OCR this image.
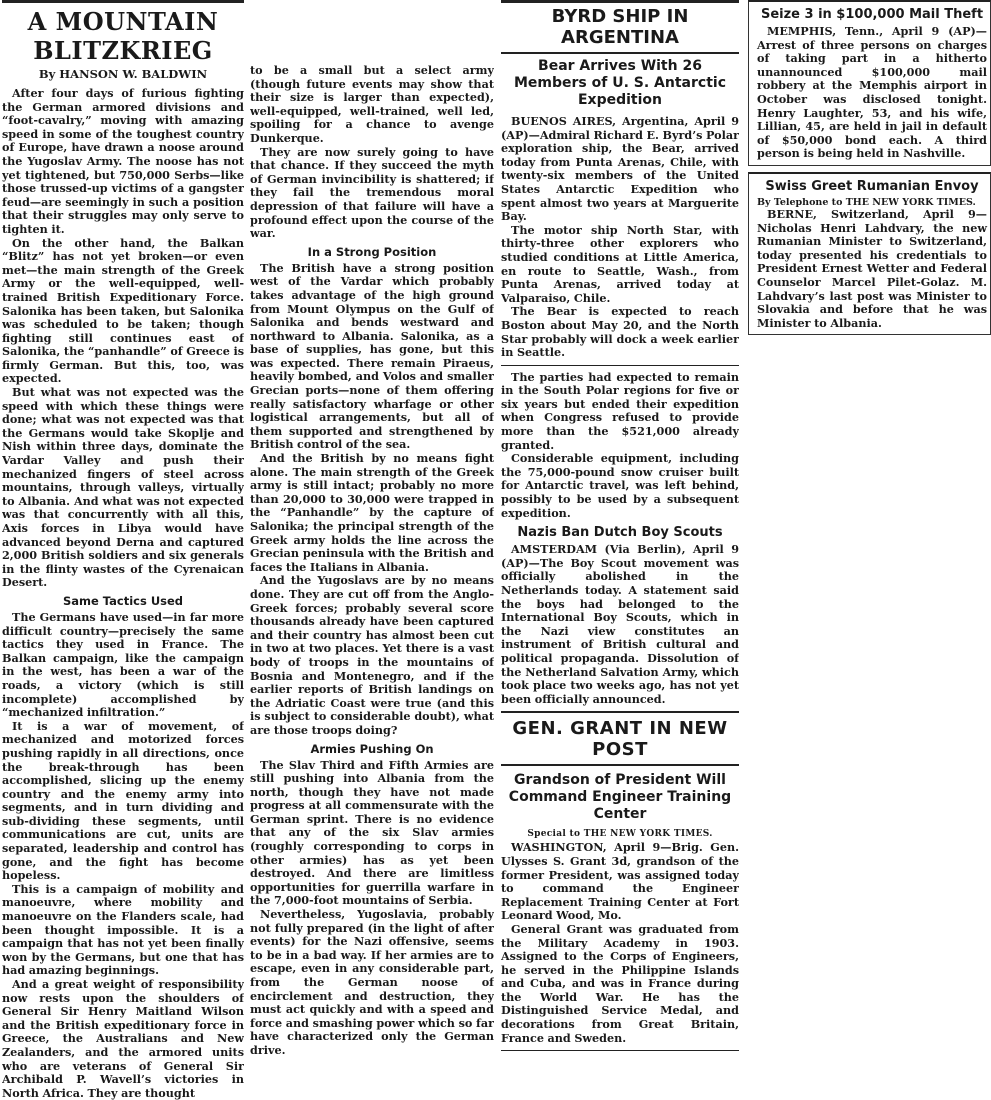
A MOUNTAIN BLITZKRIEG
By HANSON W. BALDWIN

After four days of furious fighting the German armored divisions and “foot-cavalry,” moving with amazing speed in some of the toughest country of Europe, have drawn a noose around the Yugoslav Army. The noose has not yet tightened, but 750,000 Serbs—like those trussed-up victims of a gangster feud—are seemingly in such a position that their struggles may only serve to tighten it.

On the other hand, the Balkan “Blitz” has not yet broken—or even met—the main strength of the Greek Army or the well-equipped, well-trained British Expeditionary Force. Salonika has been taken, but Salonika was scheduled to be taken; though fighting still continues east of Salonika, the “panhandle” of Greece is firmly German. But this, too, was expected.

But what was not expected was the speed with which these things were done; what was not expected was that the Germans would take Skoplje and Nish within three days, dominate the Vardar Valley and push their mechanized fingers of steel across mountains, through valleys, virtually to Albania. And what was not expected was that concurrently with all this, Axis forces in Libya would have advanced beyond Derna and captured 2,000 British soldiers and six generals in the flinty wastes of the Cyrenaican Desert.

Same Tactics Used

The Germans have used—in far more difficult country—precisely the same tactics they used in France. The Balkan campaign, like the campaign in the west, has been a war of the roads, a victory (which is still incomplete) accomplished by “mechanized infiltration.”

It is a war of movement, of mechanized and motorized forces pushing rapidly in all directions, once the break-through has been accomplished, slicing up the enemy country and the enemy army into segments, and in turn dividing and sub-dividing these segments, until communications are cut, units are separated, leadership and control has gone, and the fight has become hopeless.

This is a campaign of mobility and manoeuvre, where mobility and manoeuvre on the Flanders scale, had been thought impossible. It is a campaign that has not yet been finally won by the Germans, but one that has had amazing beginnings.

And a great weight of responsibility now rests upon the shoulders of General Sir Henry Maitland Wilson and the British expeditionary force in Greece, the Australians and New Zealanders, and the armored units who are veterans of General Sir Archibald P. Wavell’s victories in North Africa. They are thought

to be a small but a select army (though future events may show that their size is larger than expected), well-equipped, well-trained, well led, spoiling for a chance to avenge Dunkerque.

They are now surely going to have that chance. If they succeed the myth of German invincibility is shattered; if they fail the tremendous moral depression of that failure will have a profound effect upon the course of the war.

In a Strong Position

The British have a strong position west of the Vardar which probably takes advantage of the high ground from Mount Olympus on the Gulf of Salonika and bends westward and northward to Albania. Salonika, as a base of supplies, has gone, but this was expected. There remain Piraeus, heavily bombed, and Volos and smaller Grecian ports—none of them offering really satisfactory wharfage or other logistical arrangements, but all of them supported and strengthened by British control of the sea.

And the British by no means fight alone. The main strength of the Greek army is still intact; probably no more than 20,000 to 30,000 were trapped in the “Panhandle” by the capture of Salonika; the principal strength of the Greek army holds the line across the Grecian peninsula with the British and faces the Italians in Albania.

And the Yugoslavs are by no means done. They are cut off from the Anglo-Greek forces; probably several score thousands already have been captured and their country has almost been cut in two at two places. Yet there is a vast body of troops in the mountains of Bosnia and Montenegro, and if the earlier reports of British landings on the Adriatic Coast were true (and this is subject to considerable doubt), what are those troops doing?

Armies Pushing On

The Slav Third and Fifth Armies are still pushing into Albania from the north, though they have not made progress at all commensurate with the German sprint. There is no evidence that any of the six Slav armies (roughly corresponding to corps in other armies) has as yet been destroyed. And there are limitless opportunities for guerrilla warfare in the 7,000-foot mountains of Serbia.

Nevertheless, Yugoslavia, probably not fully prepared (in the light of after events) for the Nazi offensive, seems to be in a bad way. If her armies are to escape, even in any considerable part, from the German noose of encirclement and destruction, they must act quickly and with a speed and force and smashing power which so far have characterized only the German drive.

BYRD SHIP IN ARGENTINA
Bear Arrives With 26 Members of U. S. Antarctic Expedition

BUENOS AIRES, Argentina, April 9 (AP)—Admiral Richard E. Byrd’s Polar exploration ship, the Bear, arrived today from Punta Arenas, Chile, with twenty-six members of the United States Antarctic Expedition who spent almost two years at Marguerite Bay.

The motor ship North Star, with thirty-three other explorers who studied conditions at Little America, en route to Seattle, Wash., from Punta Arenas, arrived today at Valparaiso, Chile.

The Bear is expected to reach Boston about May 20, and the North Star probably will dock a week earlier in Seattle.

The parties had expected to remain in the South Polar regions for five or six years but ended their expedition when Congress refused to provide more than the $521,000 already granted.

Considerable equipment, including the 75,000-pound snow cruiser built for Antarctic travel, was left behind, possibly to be used by a subsequent expedition.

Nazis Ban Dutch Boy Scouts

AMSTERDAM (Via Berlin), April 9 (AP)—The Boy Scout movement was officially abolished in the Netherlands today. A statement said the boys had belonged to the International Boy Scouts, which in the Nazi view constitutes an instrument of British cultural and political propaganda. Dissolution of the Netherland Salvation Army, which took place two weeks ago, has not yet been officially announced.

GEN. GRANT IN NEW POST
Grandson of President Will Command Engineer Training Center
Special to THE NEW YORK TIMES.

WASHINGTON, April 9—Brig. Gen. Ulysses S. Grant 3d, grandson of the former President, was assigned today to command the Engineer Replacement Training Center at Fort Leonard Wood, Mo.

General Grant was graduated from the Military Academy in 1903. Assigned to the Corps of Engineers, he served in the Philippine Islands and Cuba, and was in France during the World War. He has the Distinguished Service Medal, and decorations from Great Britain, France and Sweden.

Seize 3 in $100,000 Mail Theft

MEMPHIS, Tenn., April 9 (AP)—Arrest of three persons on charges of taking part in a hitherto unannounced $100,000 mail robbery at the Memphis airport in October was disclosed tonight. Henry Laughter, 53, and his wife, Lillian, 45, are held in jail in default of $50,000 bond each. A third person is being held in Nashville.

Swiss Greet Rumanian Envoy
By Telephone to THE NEW YORK TIMES.

BERNE, Switzerland, April 9—Nicholas Henri Lahdvary, the new Rumanian Minister to Switzerland, today presented his credentials to President Ernest Wetter and Federal Counselor Marcel Pilet-Golaz. M. Lahdvary’s last post was Minister to Slovakia and before that he was Minister to Albania.
